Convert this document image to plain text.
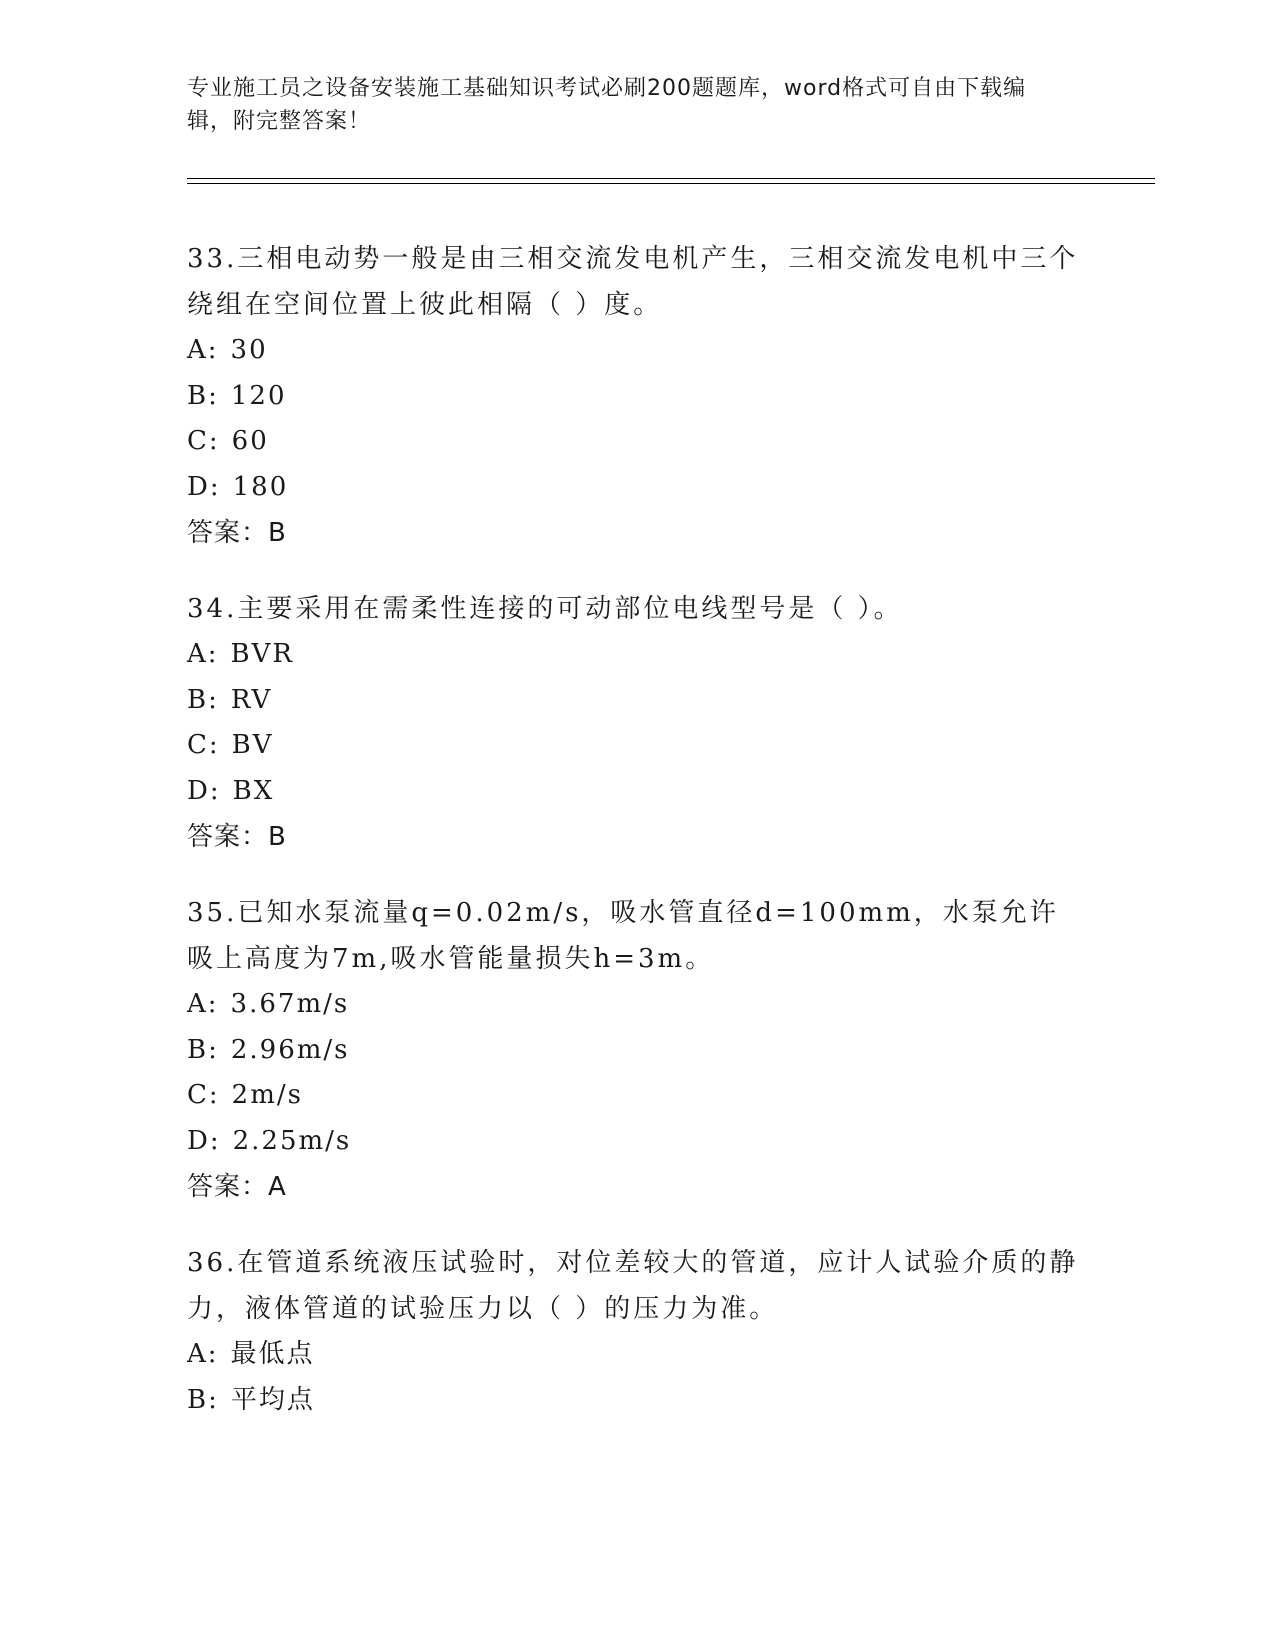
专业施工员之设备安装施工基础知识考试必刷200题题库，word格式可自由下载编辑，附完整答案！

33.三相电动势一般是由三相交流发电机产生，三相交流发电机中三个绕组在空间位置上彼此相隔（ ）度。

A: 30

B: 120

C: 60

D: 180

答案：B

34.主要采用在需柔性连接的可动部位电线型号是（ ）。

A: BVR

B: RV

C: BV

D: BX

答案：B

35.已知水泵流量q=0.02m/s，吸水管直径d=100mm，水泵允许吸上高度为7m,吸水管能量损失h=3m。

A: 3.67m/s

B: 2.96m/s

C: 2m/s

D: 2.25m/s

答案：A

36.在管道系统液压试验时，对位差较大的管道，应计人试验介质的静力，液体管道的试验压力以（ ）的压力为准。

A: 最低点

B: 平均点
